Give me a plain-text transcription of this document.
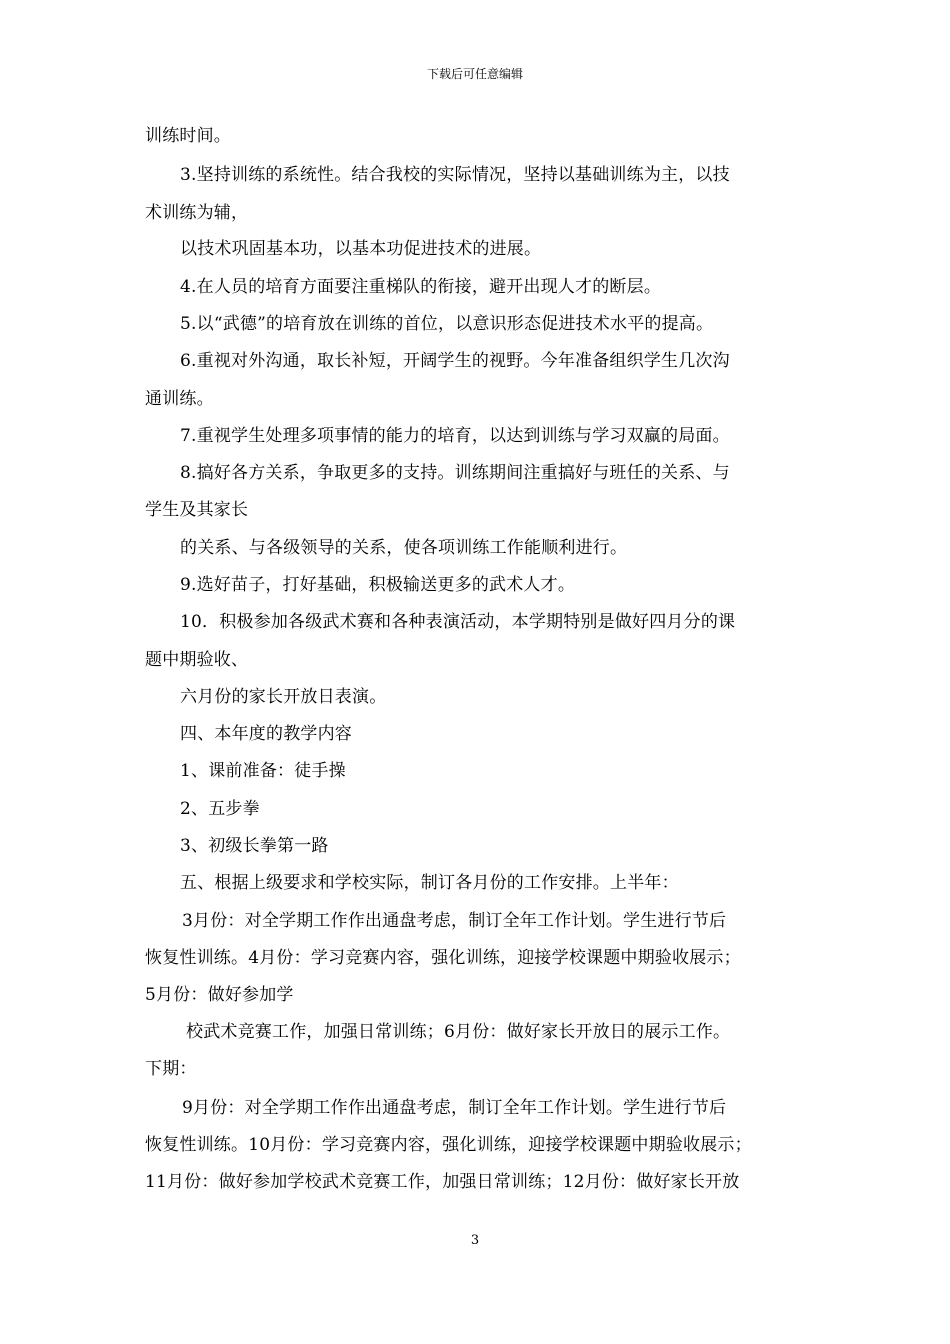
下载后可任意编辑
训练时间。
3.坚持训练的系统性。结合我校的实际情况，坚持以基础训练为主，以技
术训练为辅，
以技术巩固基本功，以基本功促进技术的进展。
4.在人员的培育方面要注重梯队的衔接，避开出现人才的断层。
5.以“武德”的培育放在训练的首位，以意识形态促进技术水平的提高。
6.重视对外沟通，取长补短，开阔学生的视野。今年准备组织学生几次沟
通训练。
7.重视学生处理多项事情的能力的培育，以达到训练与学习双赢的局面。
8.搞好各方关系，争取更多的支持。训练期间注重搞好与班任的关系、与
学生及其家长
的关系、与各级领导的关系，使各项训练工作能顺利进行。
9.选好苗子，打好基础，积极输送更多的武术人才。
10．积极参加各级武术赛和各种表演活动，本学期特别是做好四月分的课
题中期验收、
六月份的家长开放日表演。
四、本年度的教学内容
1、课前准备：徒手操
2、五步拳
3、初级长拳第一路
五、根据上级要求和学校实际，制订各月份的工作安排。上半年：
3月份：对全学期工作作出通盘考虑，制订全年工作计划。学生进行节后
恢复性训练。4月份：学习竞赛内容，强化训练，迎接学校课题中期验收展示；
5月份：做好参加学
校武术竞赛工作，加强日常训练；6月份：做好家长开放日的展示工作。
下期：
9月份：对全学期工作作出通盘考虑，制订全年工作计划。学生进行节后
恢复性训练。10月份：学习竞赛内容，强化训练，迎接学校课题中期验收展示；
11月份：做好参加学校武术竞赛工作，加强日常训练；12月份：做好家长开放
3
